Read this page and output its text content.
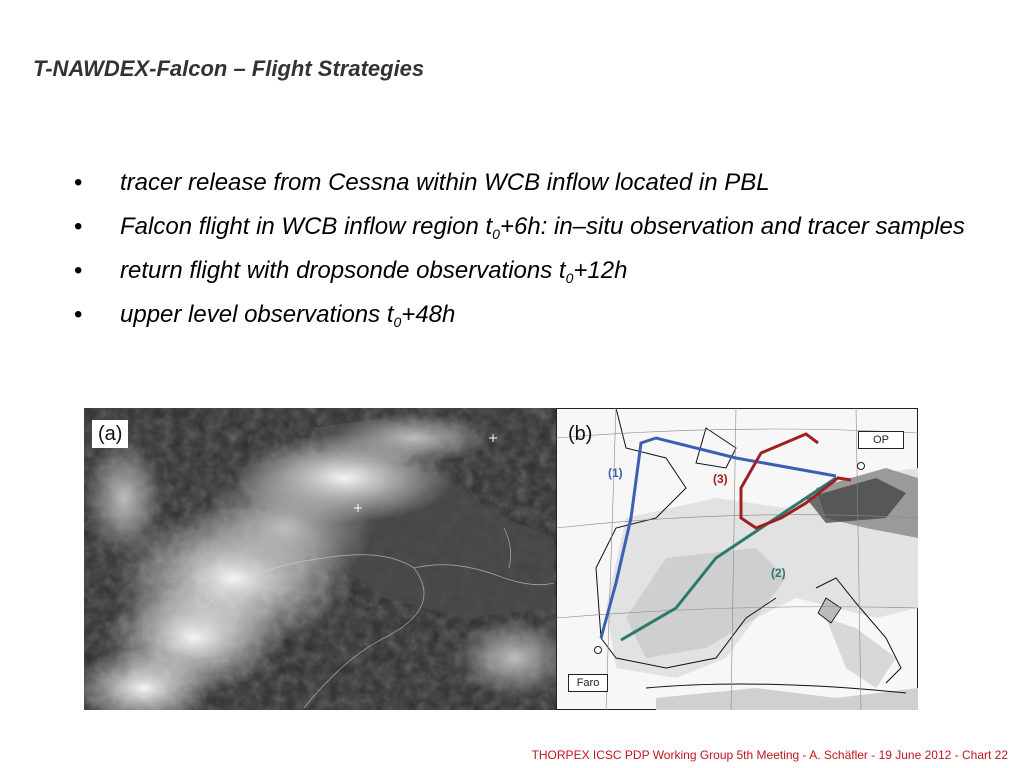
T-NAWDEX-Falcon – Flight Strategies
• tracer release from Cessna within WCB inflow located in PBL
• Falcon flight in WCB inflow region $t_0+6h$: in–situ observation and tracer samples
• return flight with dropsonde observations $t_0+12h$
• upper level observations $t_0+48h$
(a)	(b)	OP
Faro
(1)
(2)
(3)
THORPEX ICSC PDP Working Group 5th Meeting - A. Schäfler - 19 June 2012 - Chart 22
